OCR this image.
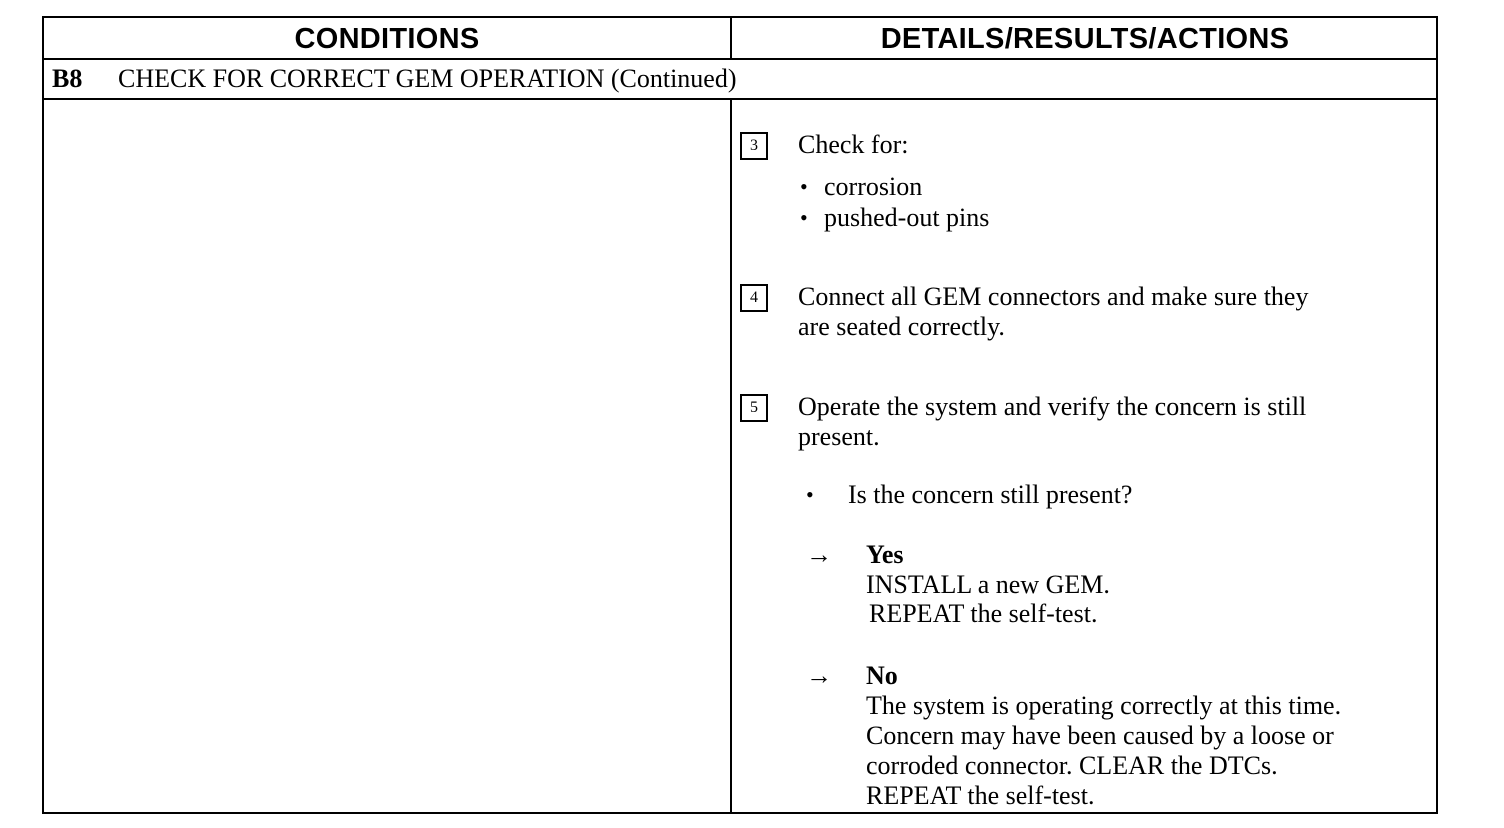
CONDITIONS	DETAILS/RESULTS/ACTIONS
B8 CHECK FOR CORRECT GEM OPERATION (Continued)
3	Check for:
• corrosion
• pushed-out pins
4	Connect all GEM connectors and make sure they
are seated correctly.
5	Operate the system and verify the concern is still
present.
• Is the concern still present?
→ Yes
INSTALL a new GEM.
REPEAT the self-test.
→ No
The system is operating correctly at this time.
Concern may have been caused by a loose or
corroded connector. CLEAR the DTCs.
REPEAT the self-test.
